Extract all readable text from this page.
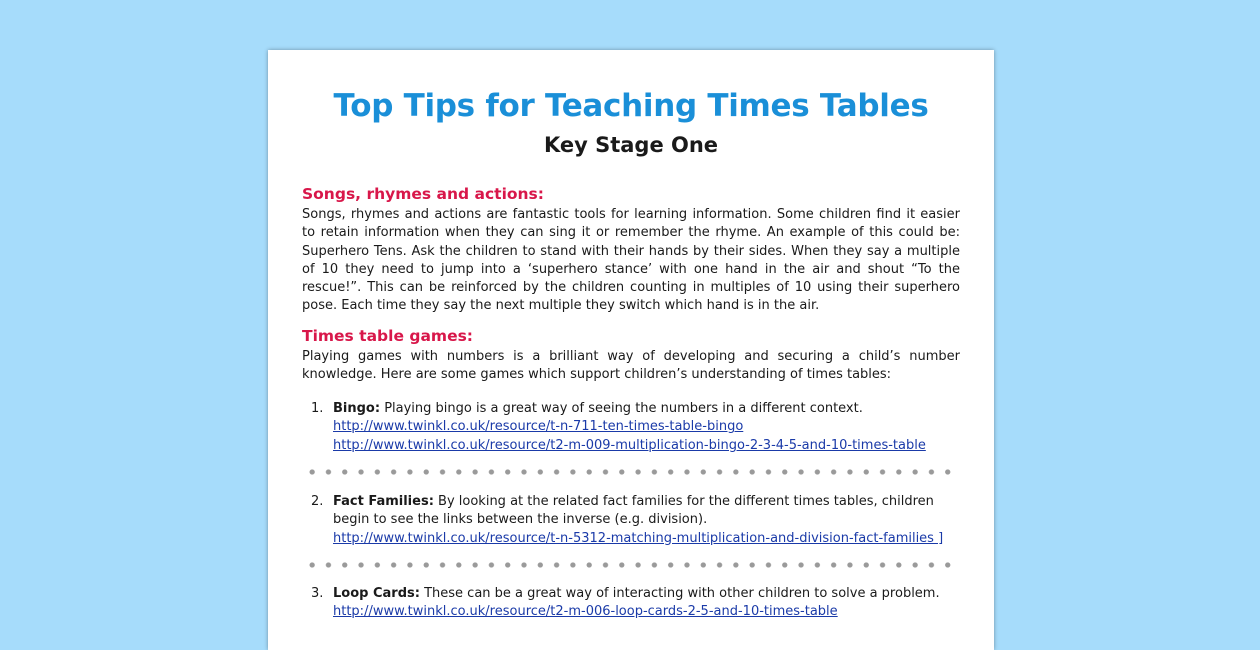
Top Tips for Teaching Times Tables
Key Stage One
Songs, rhymes and actions:
Songs, rhymes and actions are fantastic tools for learning information. Some children find it easier to retain information when they can sing it or remember the rhyme. An example of this could be: Superhero Tens. Ask the children to stand with their hands by their sides. When they say a multiple of 10 they need to jump into a ‘superhero stance’ with one hand in the air and shout “To the rescue!”. This can be reinforced by the children counting in multiples of 10 using their superhero pose. Each time they say the next multiple they switch which hand is in the air.
Times table games:
Playing games with numbers is a brilliant way of developing and securing a child’s number knowledge. Here are some games which support children’s understanding of times tables:
1. Bingo: Playing bingo is a great way of seeing the numbers in a different context.
http://www.twinkl.co.uk/resource/t-n-711-ten-times-table-bingo
http://www.twinkl.co.uk/resource/t2-m-009-multiplication-bingo-2-3-4-5-and-10-times-table
2. Fact Families: By looking at the related fact families for the different times tables, children begin to see the links between the inverse (e.g. division).
http://www.twinkl.co.uk/resource/t-n-5312-matching-multiplication-and-division-fact-families ]
3. Loop Cards: These can be a great way of interacting with other children to solve a problem.
http://www.twinkl.co.uk/resource/t2-m-006-loop-cards-2-5-and-10-times-table
